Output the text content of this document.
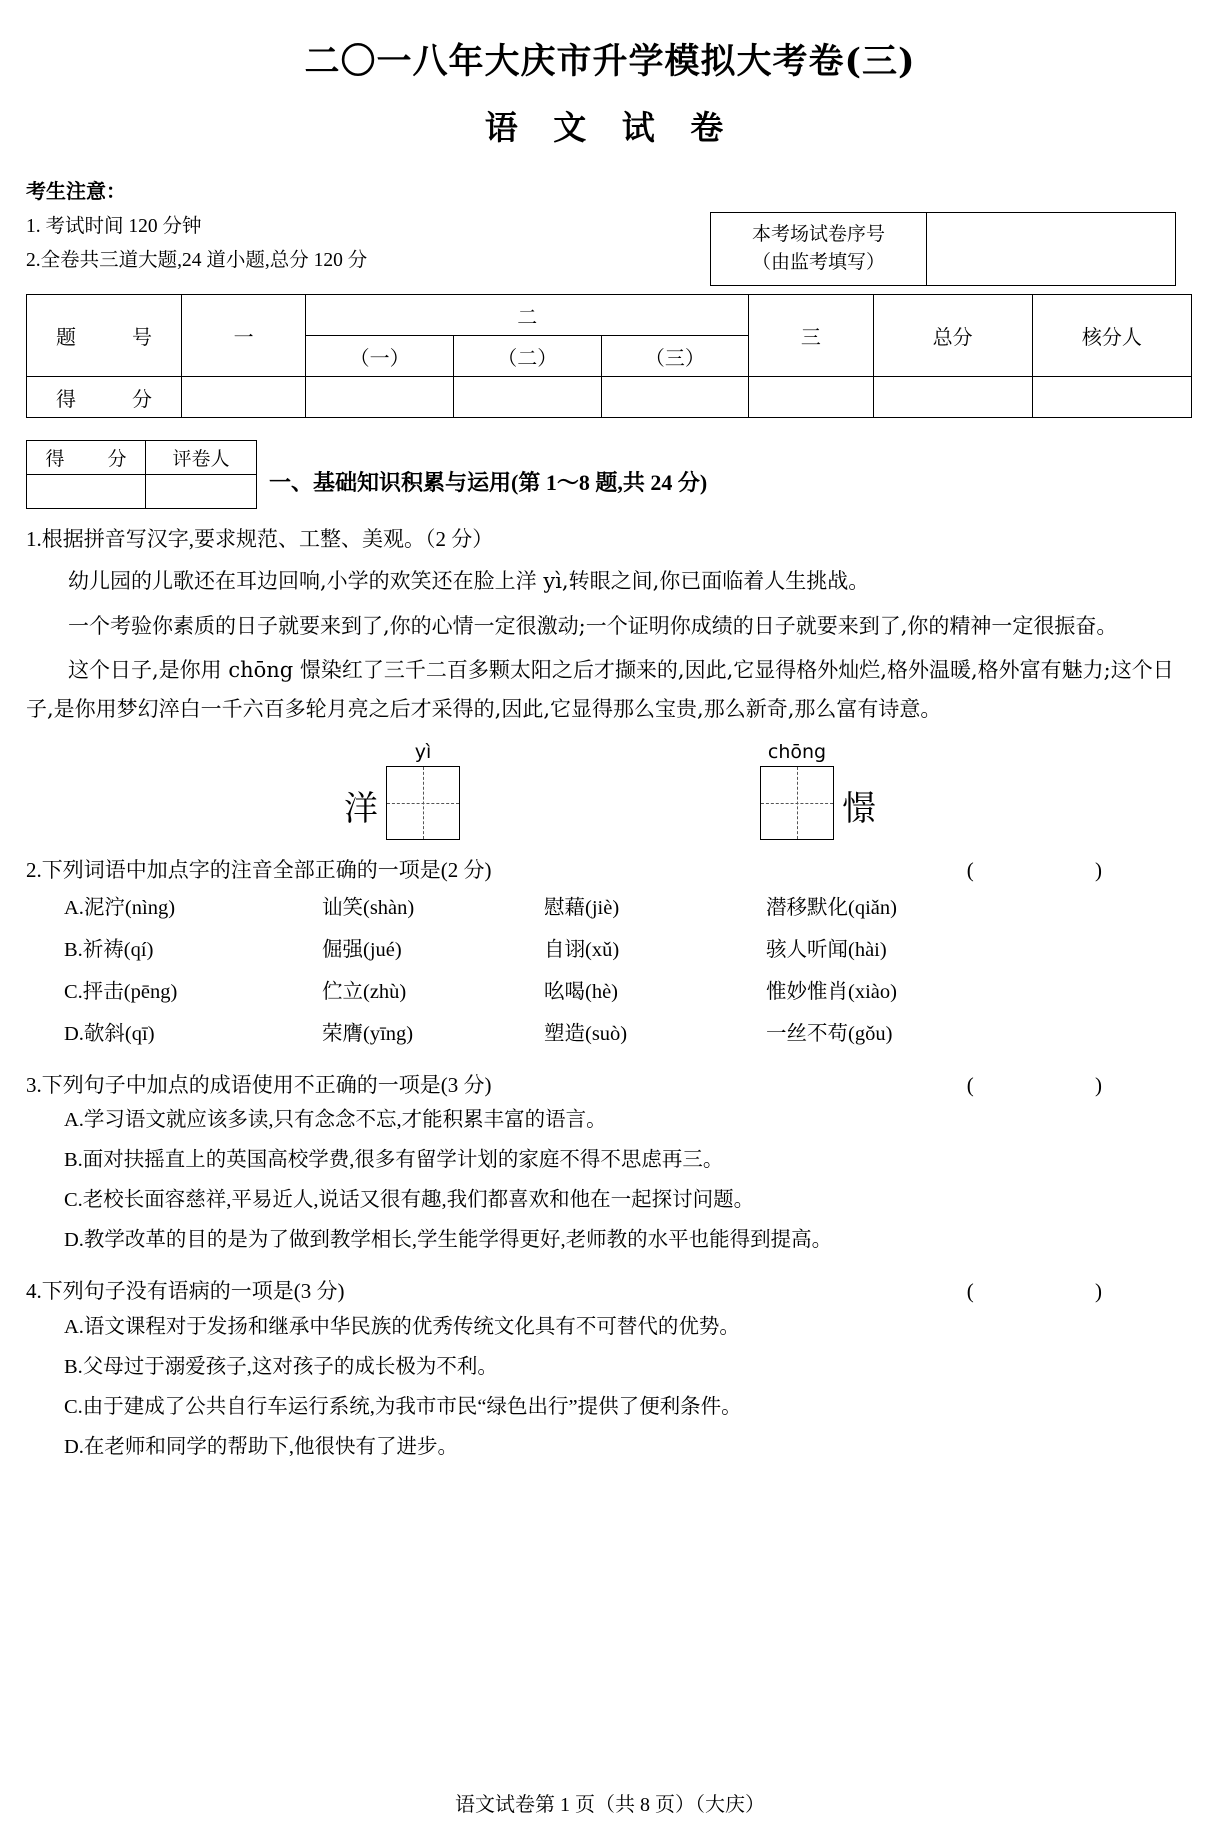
二〇一八年大庆市升学模拟大考卷(三)
语 文 试 卷
考生注意：
1. 考试时间 120 分钟
2.全卷共三道大题,24 道小题,总分 120 分
本考场试卷序号
（由监考填写）
题　号	一	二			三	总分	核分人
		（一）	（二）	（三）			
得　分							
得　分	评卷人

一、基础知识积累与运用(第 1～8 题,共 24 分)
1.根据拼音写汉字,要求规范、工整、美观。（2 分）
幼儿园的儿歌还在耳边回响,小学的欢笑还在脸上洋 yì,转眼之间,你已面临着人生挑战。
一个考验你素质的日子就要来到了,你的心情一定很激动;一个证明你成绩的日子就要来到了,你的精神一定很振奋。
这个日子,是你用 chōng 憬染红了三千二百多颗太阳之后才撷来的,因此,它显得格外灿烂,格外温暖,格外富有魅力;这个日子,是你用梦幻淬白一千六百多轮月亮之后才采得的,因此,它显得那么宝贵,那么新奇,那么富有诗意。
洋
yì	chōng
憬
2.下列词语中加点字的注音全部正确的一项是(2 分)	( )
A.泥泞(nìng)	讪笑(shàn)	慰藉(jiè)	潜移默化(qiǎn)
B.祈祷(qí)	倔强(jué)	自诩(xǔ)	骇人听闻(hài)
C.抨击(pēng)	伫立(zhù)	吆喝(hè)	惟妙惟肖(xiào)
D.欹斜(qī)	荣膺(yīng)	塑造(suò)	一丝不苟(gǒu)
3.下列句子中加点的成语使用不正确的一项是(3 分)	( )
A.学习语文就应该多读,只有念念不忘,才能积累丰富的语言。
B.面对扶摇直上的英国高校学费,很多有留学计划的家庭不得不思虑再三。
C.老校长面容慈祥,平易近人,说话又很有趣,我们都喜欢和他在一起探讨问题。
D.教学改革的目的是为了做到教学相长,学生能学得更好,老师教的水平也能得到提高。
4.下列句子没有语病的一项是(3 分)	( )
A.语文课程对于发扬和继承中华民族的优秀传统文化具有不可替代的优势。
B.父母过于溺爱孩子,这对孩子的成长极为不利。
C.由于建成了公共自行车运行系统,为我市市民“绿色出行”提供了便利条件。
D.在老师和同学的帮助下,他很快有了进步。
语文试卷第 1 页（共 8 页）（大庆）
